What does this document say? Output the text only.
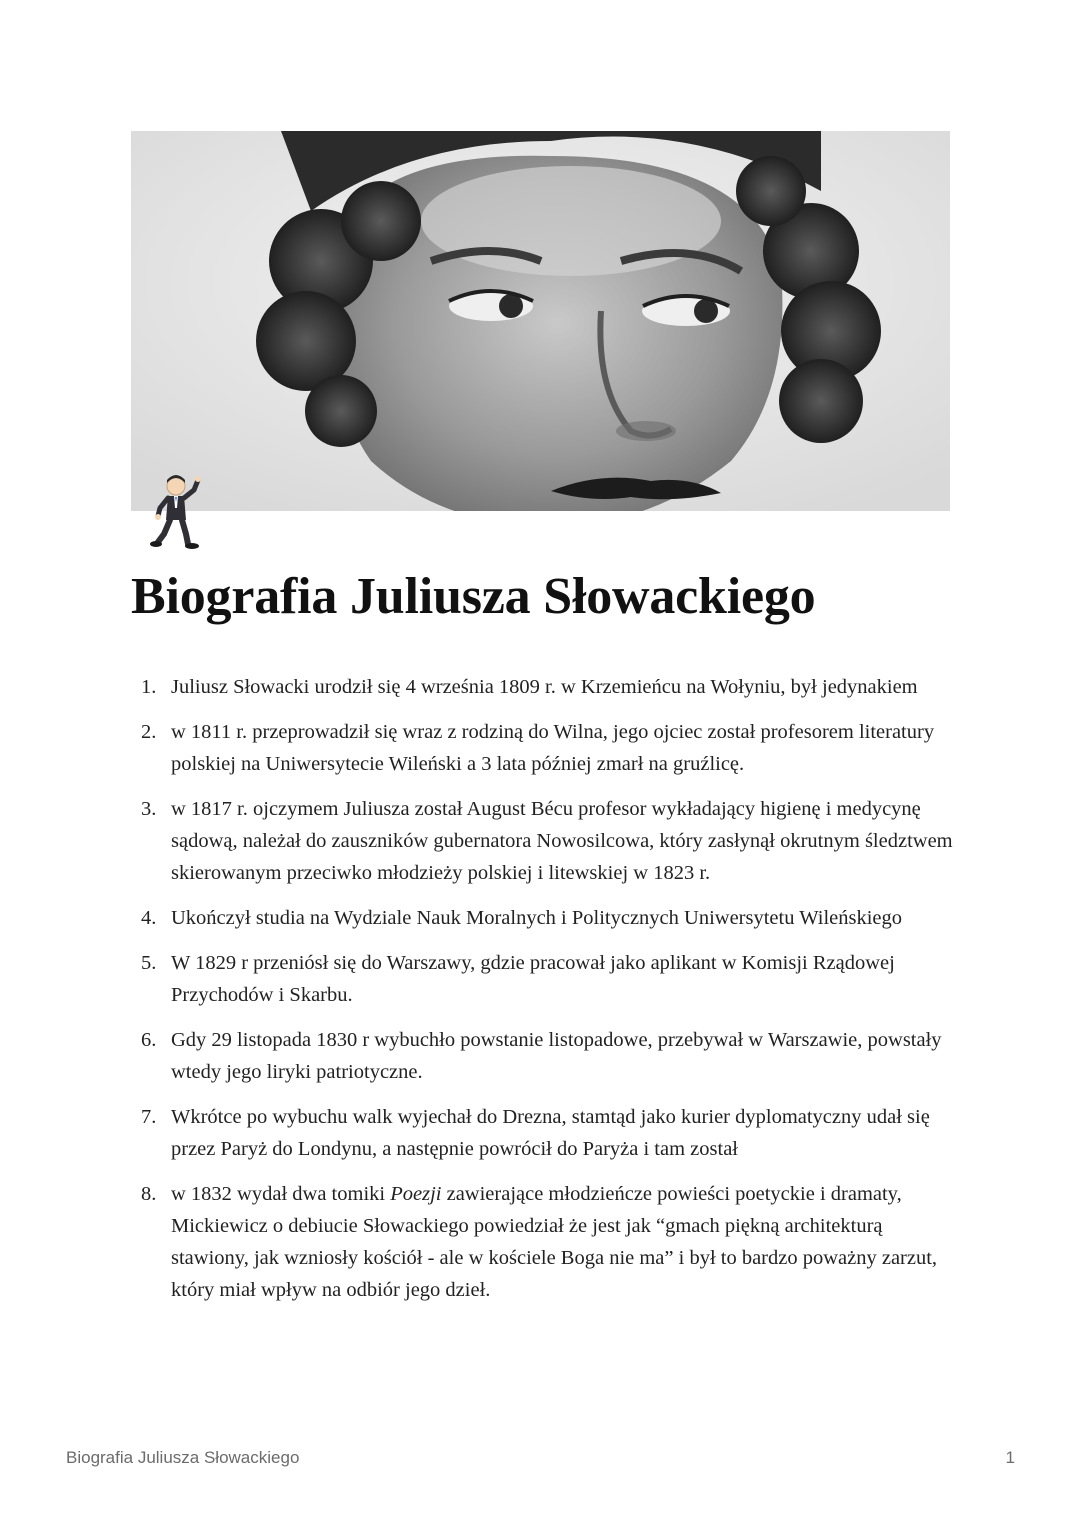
Biografia Juliusza Słowackiego
1. Juliusz Słowacki urodził się 4 września 1809 r. w Krzemieńcu na Wołyniu, był jedynakiem
2. w 1811 r. przeprowadził się wraz z rodziną do Wilna, jego ojciec został profesorem literatury polskiej na Uniwersytecie Wileński a 3 lata później zmarł na gruźlicę.
3. w 1817 r. ojczymem Juliusza został August Bécu profesor wykładający higienę i medycynę sądową, należał do zauszników gubernatora Nowosilcowa, który zasłynął okrutnym śledztwem skierowanym przeciwko młodzieży polskiej i litewskiej w 1823 r.
4. Ukończył studia na Wydziale Nauk Moralnych i Politycznych Uniwersytetu Wileńskiego
5. W 1829 r przeniósł się do Warszawy, gdzie pracował jako aplikant w Komisji Rządowej Przychodów i Skarbu.
6. Gdy 29 listopada 1830 r wybuchło powstanie listopadowe, przebywał w Warszawie, powstały wtedy jego liryki patriotyczne.
7. Wkrótce po wybuchu walk wyjechał do Drezna, stamtąd jako kurier dyplomatyczny udał się przez Paryż do Londynu, a następnie powrócił do Paryża i tam został
8. w 1832 wydał dwa tomiki Poezji zawierające młodzieńcze powieści poetyckie i dramaty, Mickiewicz o debiucie Słowackiego powiedział że jest jak “gmach piękną architekturą stawiony, jak wzniosły kościół - ale w kościele Boga nie ma” i był to bardzo poważny zarzut, który miał wpływ na odbiór jego dzieł.
Biografia Juliusza Słowackiego	1
